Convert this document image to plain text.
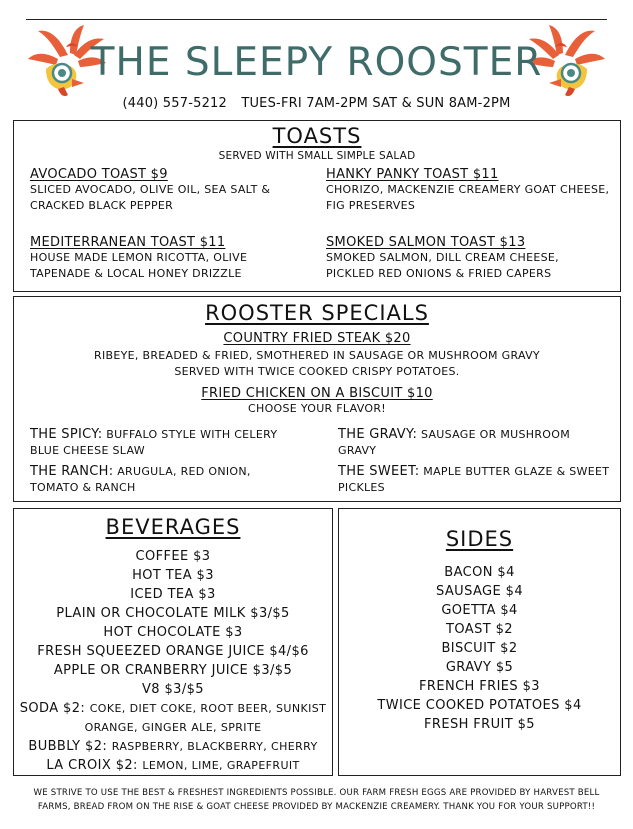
THE SLEEPY ROOSTER
(440) 557-5212 TUES-FRI 7AM-2PM SAT & SUN 8AM-2PM
TOASTS
SERVED WITH SMALL SIMPLE SALAD
AVOCADO TOAST $9
SLICED AVOCADO, OLIVE OIL, SEA SALT & CRACKED BLACK PEPPER
HANKY PANKY TOAST $11
CHORIZO, MACKENZIE CREAMERY GOAT CHEESE, FIG PRESERVES
MEDITERRANEAN TOAST $11
HOUSE MADE LEMON RICOTTA, OLIVE TAPENADE & LOCAL HONEY DRIZZLE
SMOKED SALMON TOAST $13
SMOKED SALMON, DILL CREAM CHEESE, PICKLED RED ONIONS & FRIED CAPERS
ROOSTER SPECIALS
COUNTRY FRIED STEAK $20
RIBEYE, BREADED & FRIED, SMOTHERED IN SAUSAGE OR MUSHROOM GRAVY
SERVED WITH TWICE COOKED CRISPY POTATOES.
FRIED CHICKEN ON A BISCUIT $10
CHOOSE YOUR FLAVOR!
THE SPICY: BUFFALO STYLE WITH CELERY BLUE CHEESE SLAW
THE GRAVY: SAUSAGE OR MUSHROOM GRAVY
THE RANCH: ARUGULA, RED ONION, TOMATO & RANCH
THE SWEET: MAPLE BUTTER GLAZE & SWEET PICKLES
BEVERAGES
COFFEE $3
HOT TEA $3
ICED TEA $3
PLAIN OR CHOCOLATE MILK $3/$5
HOT CHOCOLATE $3
FRESH SQUEEZED ORANGE JUICE $4/$6
APPLE OR CRANBERRY JUICE $3/$5
V8 $3/$5
SODA $2: COKE, DIET COKE, ROOT BEER, SUNKIST
ORANGE, GINGER ALE, SPRITE
BUBBLY $2: RASPBERRY, BLACKBERRY, CHERRY
LA CROIX $2: LEMON, LIME, GRAPEFRUIT
SIDES
BACON $4
SAUSAGE $4
GOETTA $4
TOAST $2
BISCUIT $2
GRAVY $5
FRENCH FRIES $3
TWICE COOKED POTATOES $4
FRESH FRUIT $5
WE STRIVE TO USE THE BEST & FRESHEST INGREDIENTS POSSIBLE. OUR FARM FRESH EGGS ARE PROVIDED BY HARVEST BELL
FARMS, BREAD FROM ON THE RISE & GOAT CHEESE PROVIDED BY MACKENZIE CREAMERY. THANK YOU FOR YOUR SUPPORT!!
